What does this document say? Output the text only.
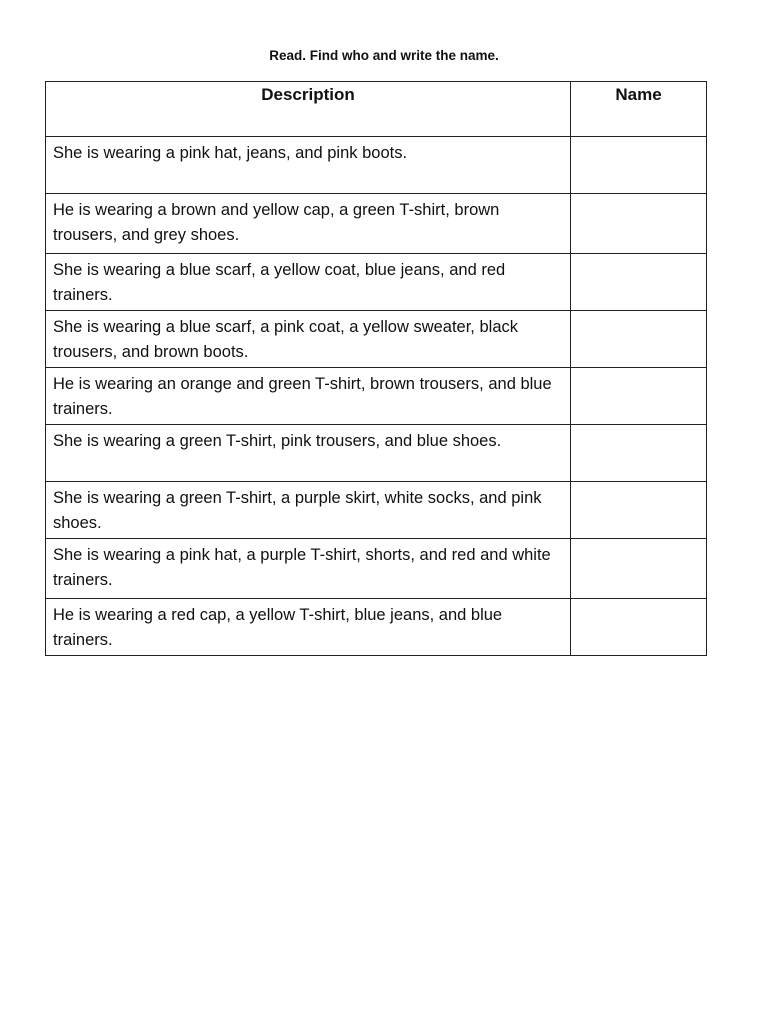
Read. Find who and write the name.
Description	Name
She is wearing a pink hat, jeans, and pink boots.	
He is wearing a brown and yellow cap, a green T-shirt, brown trousers, and grey shoes.	
She is wearing a blue scarf, a yellow coat, blue jeans, and red trainers.	
She is wearing a blue scarf, a pink coat, a yellow sweater, black trousers, and brown boots.	
He is wearing an orange and green T-shirt, brown trousers, and blue trainers.	
She is wearing a green T-shirt, pink trousers, and blue shoes.	
She is wearing a green T-shirt, a purple skirt, white socks, and pink shoes.	
She is wearing a pink hat, a purple T-shirt, shorts, and red and white trainers.	
He is wearing a red cap, a yellow T-shirt, blue jeans, and blue trainers.	
